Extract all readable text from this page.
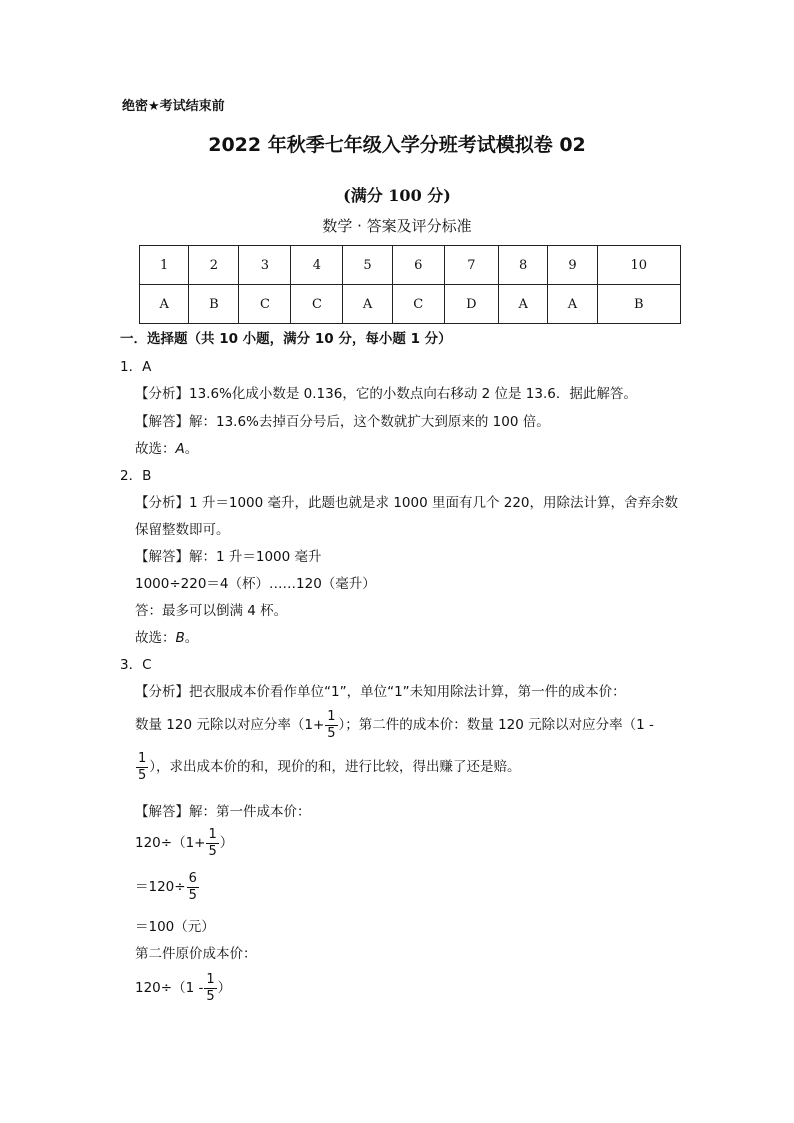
绝密★考试结束前
2022 年秋季七年级入学分班考试模拟卷 02
(满分 100 分)
数学 · 答案及评分标准
1	2	3	4	5	6	7	8	9	10
A	B	C	C	A	C	D	A	A	B
一．选择题（共 10 小题，满分 10 分，每小题 1 分）
1．A
【分析】13.6%化成小数是 0.136，它的小数点向右移动 2 位是 13.6．据此解答。
【解答】解：13.6%去掉百分号后，这个数就扩大到原来的 100 倍。
故选：A。
2．B
【分析】1 升＝1000 毫升，此题也就是求 1000 里面有几个 220，用除法计算，舍弃余数
保留整数即可。
【解答】解：1 升＝1000 毫升
1000÷220＝4（杯）……120（毫升）
答：最多可以倒满 4 杯。
故选：B。
3．C
【分析】把衣服成本价看作单位“1”，单位“1”未知用除法计算，第一件的成本价：
数量 120 元除以对应分率（$1+ \frac{1}{5}$ ）；第二件的成本价：数量 120 元除以对应分率（1 -
$\frac{1}{5}$ ），求出成本价的和，现价的和，进行比较，得出赚了还是赔。
【解答】解：第一件成本价：
$120\div(1+ \frac{1}{5}$ ）
$=120\div \frac{6}{5}$
＝100（元）
第二件原价成本价：
$120\div(1 - \frac{1}{5}$ ）
